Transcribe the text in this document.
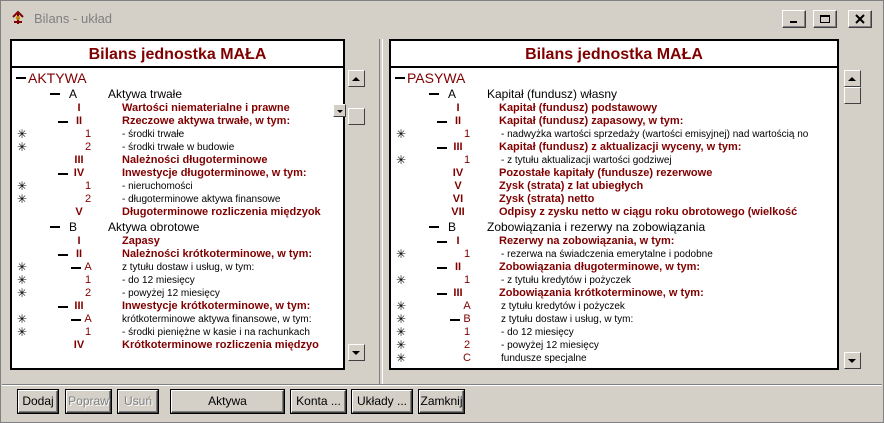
Bilans - układ
Bilans jednostka MAŁA
AKTYWA
A	Aktywa trwałe
I	Wartości niematerialne i prawne
II	Rzeczowe aktywa trwałe, w tym:
✳	1	- środki trwałe
✳	2	- środki trwałe w budowie
III	Należności długoterminowe
IV	Inwestycje długoterminowe, w tym:
✳	1	- nieruchomości
✳	2	- długoterminowe aktywa finansowe
V	Długoterminowe rozliczenia międzyok
B	Aktywa obrotowe
I	Zapasy
II	Należności krótkoterminowe, w tym:
✳	A	z tytułu dostaw i usług, w tym:
✳	1	- do 12 miesięcy
✳	2	- powyżej 12 miesięcy
III	Inwestycje krótkoterminowe, w tym:
✳	A	krótkoterminowe aktywa finansowe, w tym:
✳	1	- środki pieniężne w kasie i na rachunkach
IV	Krótkoterminowe rozliczenia międzyo
Bilans jednostka MAŁA
PASYWA
A	Kapitał (fundusz) własny
I	Kapitał (fundusz) podstawowy
II	Kapitał (fundusz) zapasowy, w tym:
✳	1	- nadwyżka wartości sprzedaży (wartości emisyjnej) nad wartością no
III	Kapitał (fundusz) z aktualizacji wyceny, w tym:
✳	1	- z tytułu aktualizacji wartości godziwej
IV	Pozostałe kapitały (fundusze) rezerwowe
V	Zysk (strata) z lat ubiegłych
VI	Zysk (strata) netto
VII	Odpisy z zysku netto w ciągu roku obrotowego (wielkość
B	Zobowiązania i rezerwy na zobowiązania
I	Rezerwy na zobowiązania, w tym:
✳	1	- rezerwa na świadczenia emerytalne i podobne
II	Zobowiązania długoterminowe, w tym:
✳	1	- z tytułu kredytów i pożyczek
III	Zobowiązania krótkoterminowe, w tym:
✳	A	z tytułu kredytów i pożyczek
✳	B	z tytułu dostaw i usług, w tym:
✳	1	- do 12 miesięcy
✳	2	- powyżej 12 miesięcy
✳	C	fundusze specjalne
Dodaj	Popraw	Usuń	Aktywa	Konta ...	Układy ...	Zamknij
